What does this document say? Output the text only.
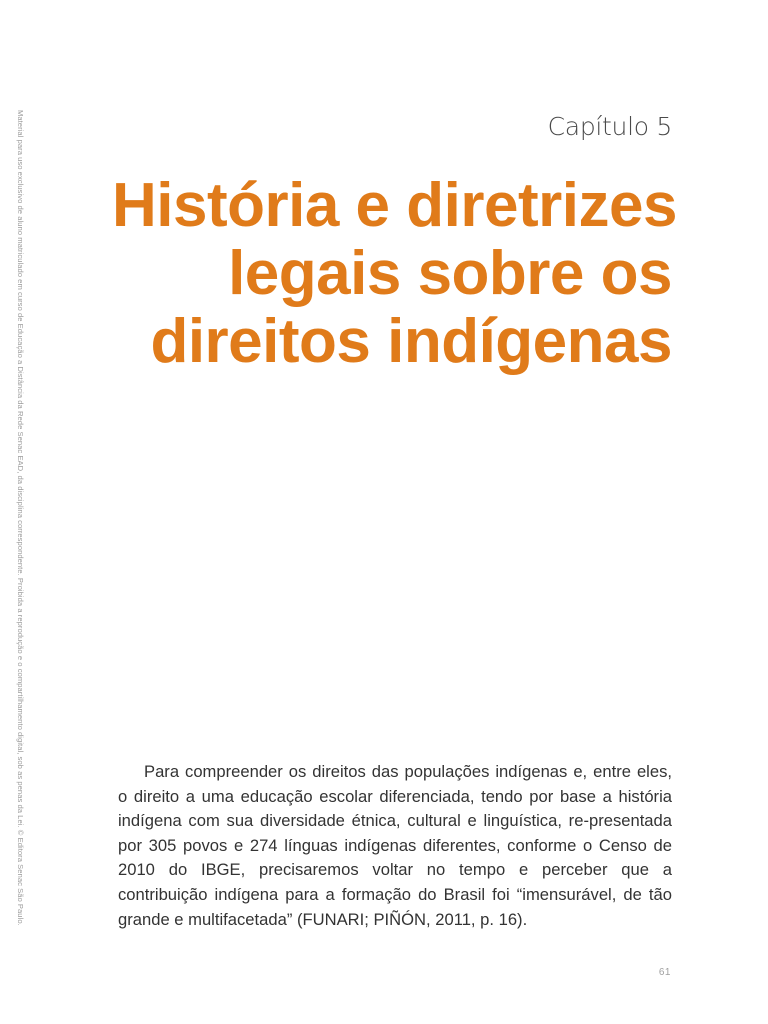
Material para uso exclusivo de aluno matriculado em curso de Educação a Distância da Rede Senac EAD, da disciplina correspondente. Proibida a reprodução e o compartilhamento digital, sob as penas da Lei. © Editora Senac São Paulo.	Capítulo 5
História e diretrizes
legais sobre os
direitos indígenas

Para compreender os direitos das populações indígenas e, entre eles, o direito a uma educação escolar diferenciada, tendo por base a história indígena com sua diversidade étnica, cultural e linguística, re-presentada por 305 povos e 274 línguas indígenas diferentes, conforme o Censo de 2010 do IBGE, precisaremos voltar no tempo e perceber que a contribuição indígena para a formação do Brasil foi “imensurável, de tão grande e multifacetada” (FUNARI; PIÑÓN, 2011, p. 16).

61
